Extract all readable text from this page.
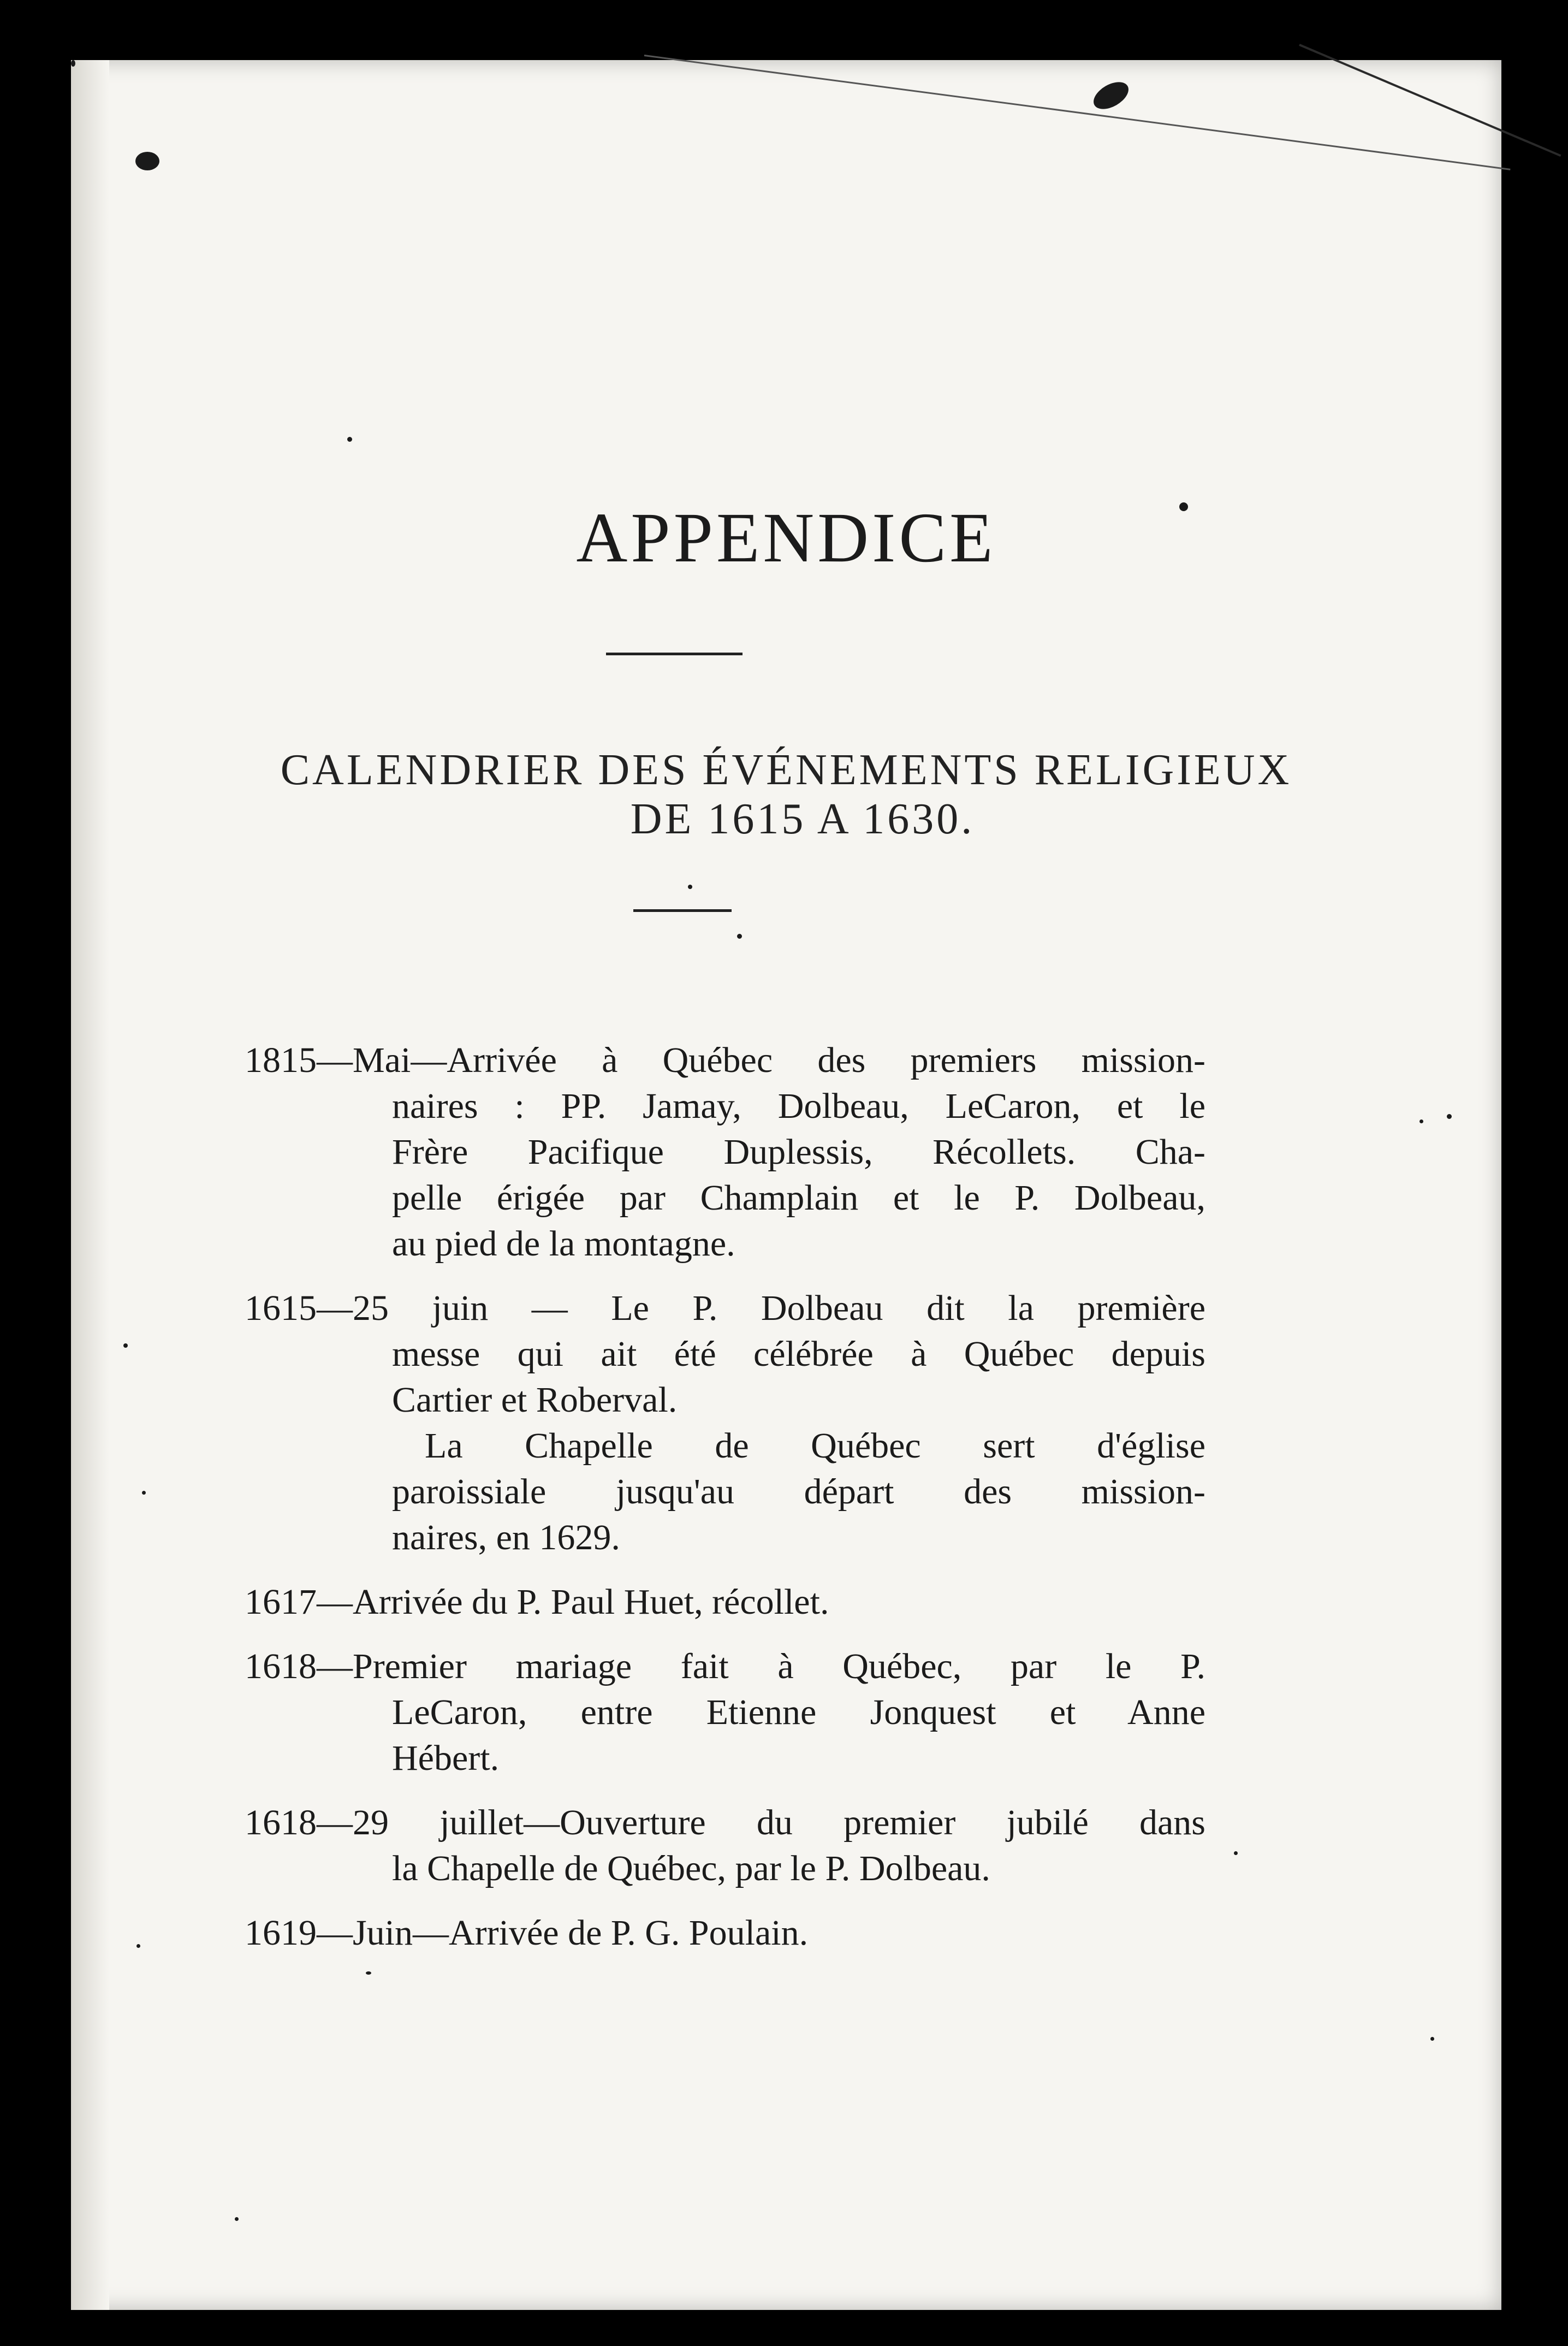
APPENDICE
CALENDRIER DES ÉVÉNEMENTS RELIGIEUX
DE 1615 A 1630.
1815—Mai—Arrivée à Québec des premiers mission-
naires : PP. Jamay, Dolbeau, LeCaron, et le
Frère Pacifique Duplessis, Récollets. Cha-
pelle érigée par Champlain et le P. Dolbeau,
au pied de la montagne.
1615—25 juin — Le P. Dolbeau dit la première
messe qui ait été célébrée à Québec depuis
Cartier et Roberval.
La Chapelle de Québec sert d'église
paroissiale jusqu'au départ des mission-
naires, en 1629.
1617—Arrivée du P. Paul Huet, récollet.
1618—Premier mariage fait à Québec, par le P.
LeCaron, entre Etienne Jonquest et Anne
Hébert.
1618—29 juillet—Ouverture du premier jubilé dans
la Chapelle de Québec, par le P. Dolbeau.
1619—Juin—Arrivée de P. G. Poulain.
